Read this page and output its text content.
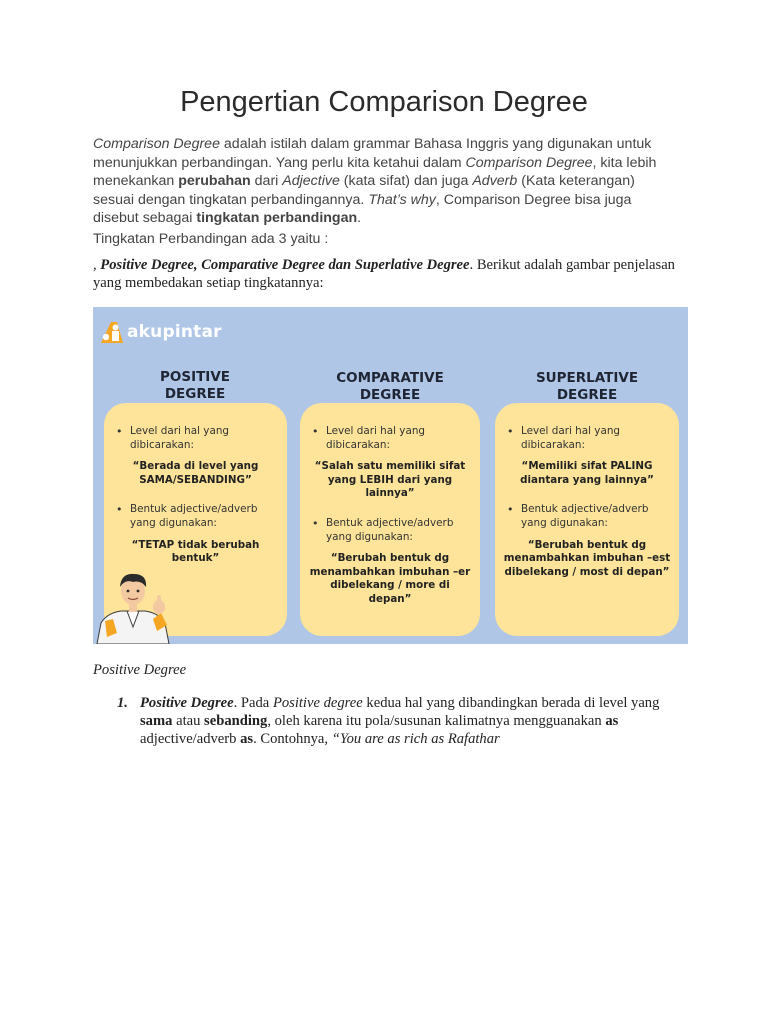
Pengertian Comparison Degree

Comparison Degree adalah istilah dalam grammar Bahasa Inggris yang digunakan untuk menunjukkan perbandingan. Yang perlu kita ketahui dalam Comparison Degree, kita lebih menekankan perubahan dari Adjective (kata sifat) dan juga Adverb (Kata keterangan) sesuai dengan tingkatan perbandingannya. That’s why, Comparison Degree bisa juga disebut sebagai tingkatan perbandingan.

Tingkatan Perbandingan ada 3 yaitu :

, Positive Degree, Comparative Degree dan Superlative Degree. Berikut adalah gambar penjelasan yang membedakan setiap tingkatannya:

akupintar
POSITIVE
DEGREE
COMPARATIVE
DEGREE
SUPERLATIVE
DEGREE
• Level dari hal yang dibicarakan:
“Berada di level yang SAMA/SEBANDING”
• Bentuk adjective/adverb yang digunakan:
“TETAP tidak berubah bentuk”
• Level dari hal yang dibicarakan:
“Salah satu memiliki sifat yang LEBIH dari yang lainnya”
• Bentuk adjective/adverb yang digunakan:
“Berubah bentuk dg menambahkan imbuhan –er dibelekang / more di depan”
• Level dari hal yang dibicarakan:
“Memiliki sifat PALING diantara yang lainnya”
• Bentuk adjective/adverb yang digunakan:
“Berubah bentuk dg menambahkan imbuhan –est dibelekang / most di depan”

Positive Degree

1. Positive Degree. Pada Positive degree kedua hal yang dibandingkan berada di level yang sama atau sebanding, oleh karena itu pola/susunan kalimatnya mengguanakan as adjective/adverb as. Contohnya, “You are as rich as Rafathar
